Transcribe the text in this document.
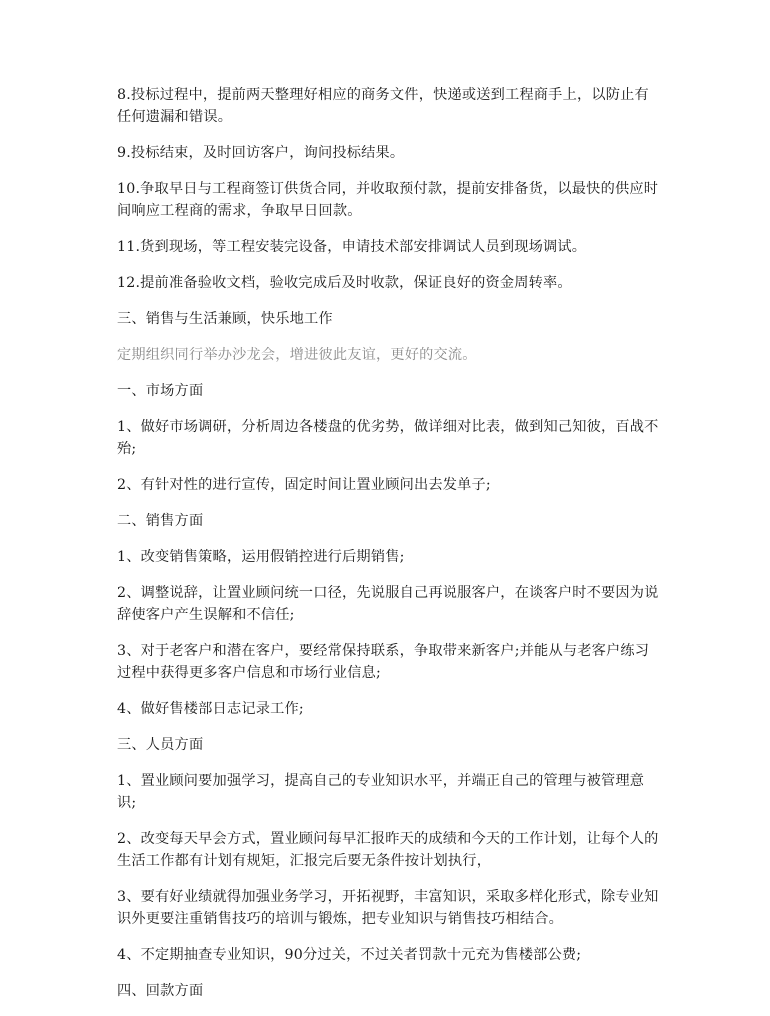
8.投标过程中，提前两天整理好相应的商务文件，快递或送到工程商手上，以防止有任何遗漏和错误。

9.投标结束，及时回访客户，询问投标结果。

10.争取早日与工程商签订供货合同，并收取预付款，提前安排备货，以最快的供应时间响应工程商的需求，争取早日回款。

11.货到现场，等工程安装完设备，申请技术部安排调试人员到现场调试。

12.提前准备验收文档，验收完成后及时收款，保证良好的资金周转率。

三、销售与生活兼顾，快乐地工作

定期组织同行举办沙龙会，增进彼此友谊，更好的交流。

一、市场方面

1、做好市场调研，分析周边各楼盘的优劣势，做详细对比表，做到知己知彼，百战不殆;

2、有针对性的进行宣传，固定时间让置业顾问出去发单子;

二、销售方面

1、改变销售策略，运用假销控进行后期销售;

2、调整说辞，让置业顾问统一口径，先说服自己再说服客户，在谈客户时不要因为说辞使客户产生误解和不信任;

3、对于老客户和潜在客户，要经常保持联系，争取带来新客户;并能从与老客户练习过程中获得更多客户信息和市场行业信息;

4、做好售楼部日志记录工作;

三、人员方面

1、置业顾问要加强学习，提高自己的专业知识水平，并端正自己的管理与被管理意识;

2、改变每天早会方式，置业顾问每早汇报昨天的成绩和今天的工作计划，让每个人的生活工作都有计划有规矩，汇报完后要无条件按计划执行，

3、要有好业绩就得加强业务学习，开拓视野，丰富知识，采取多样化形式，除专业知识外更要注重销售技巧的培训与锻炼，把专业知识与销售技巧相结合。

4、不定期抽查专业知识，90分过关，不过关者罚款十元充为售楼部公费;

四、回款方面
